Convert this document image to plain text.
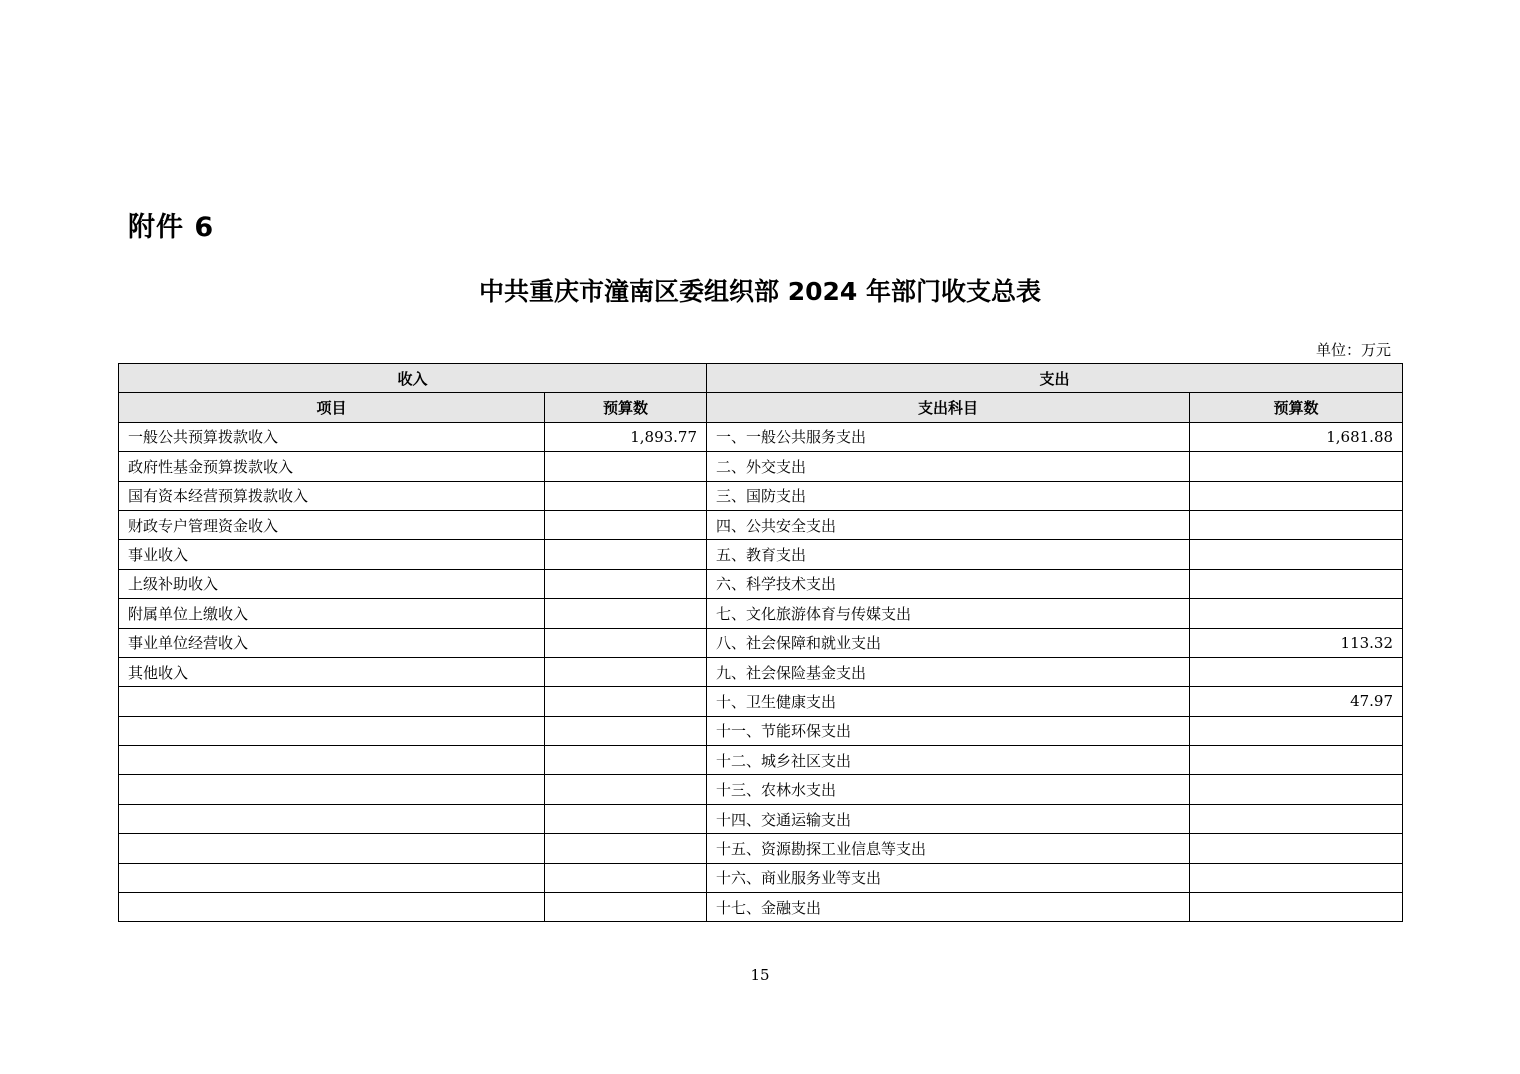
附件 6
中共重庆市潼南区委组织部 2024 年部门收支总表
单位：万元
收入		支出	
项目	预算数	支出科目	预算数
一般公共预算拨款收入	1,893.77	一、一般公共服务支出	1,681.88
政府性基金预算拨款收入		二、外交支出	
国有资本经营预算拨款收入		三、国防支出	
财政专户管理资金收入		四、公共安全支出	
事业收入		五、教育支出	
上级补助收入		六、科学技术支出	
附属单位上缴收入		七、文化旅游体育与传媒支出	
事业单位经营收入		八、社会保障和就业支出	113.32
其他收入		九、社会保险基金支出	
		十、卫生健康支出	47.97
		十一、节能环保支出	
		十二、城乡社区支出	
		十三、农林水支出	
		十四、交通运输支出	
		十五、资源勘探工业信息等支出	
		十六、商业服务业等支出	
		十七、金融支出	
15
